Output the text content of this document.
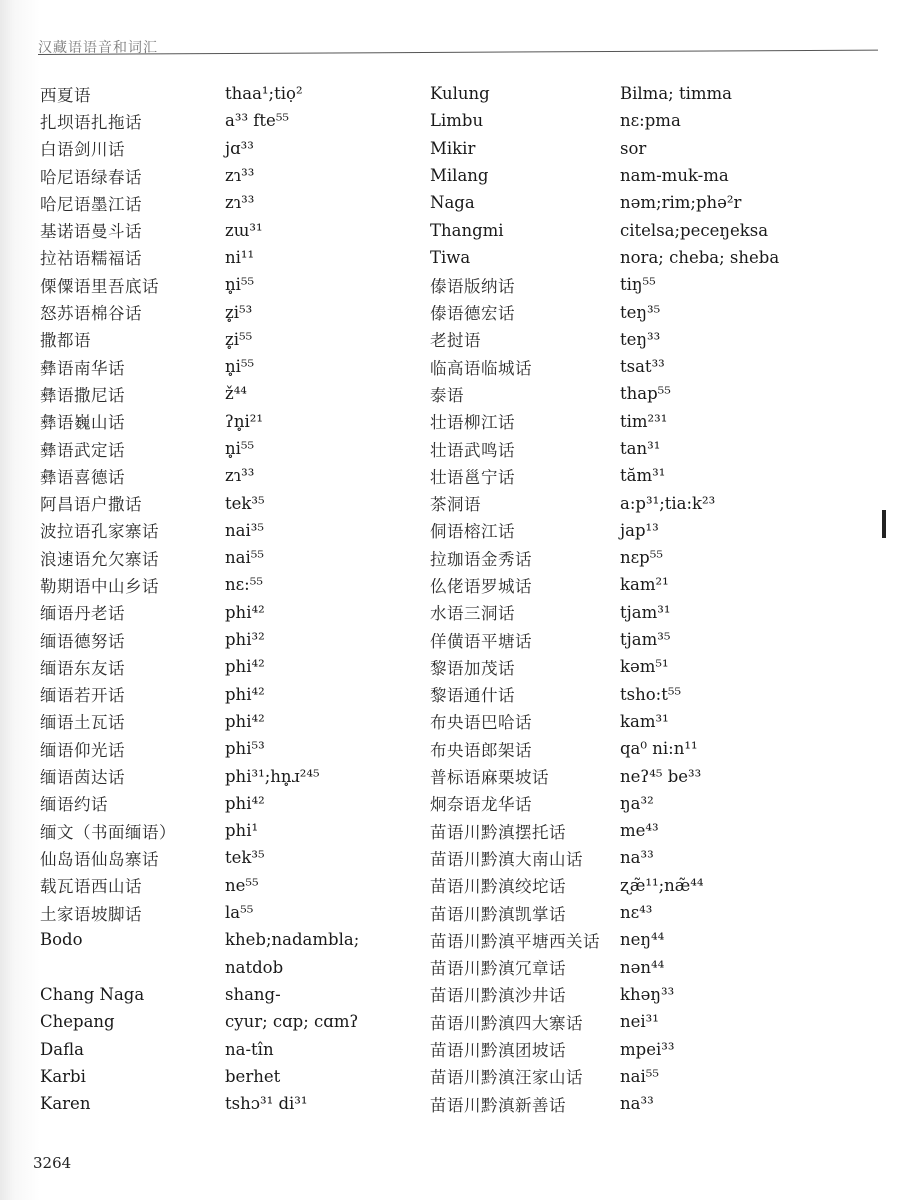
汉藏语语音和词汇
西夏语	thaa¹;tiọ²
扎坝语扎拖话	a³³ fte⁵⁵
白语剑川话	jɑ³³
哈尼语绿春话	zɿ³³
哈尼语墨江话	zɿ³³
基诺语曼斗话	zɯ³¹
拉祜语糯福话	ni¹¹
傈僳语里吾底话	n̥i⁵⁵
怒苏语棉谷话	z̥i⁵³
撒都语	z̥i⁵⁵
彝语南华话	n̥i⁵⁵
彝语撒尼话	ž⁴⁴
彝语巍山话	ʔn̥i²¹
彝语武定话	n̥i⁵⁵
彝语喜德话	zɿ³³
阿昌语户撒话	tek³⁵
波拉语孔家寨话	nai³⁵
浪速语允欠寨话	nai⁵⁵
勒期语中山乡话	nɛ:⁵⁵
缅语丹老话	phi⁴²
缅语德努话	phi³²
缅语东友话	phi⁴²
缅语若开话	phi⁴²
缅语土瓦话	phi⁴²
缅语仰光话	phi⁵³
缅语茵达话	phi³¹;hn̥ɹ²⁴⁵
缅语约话	phi⁴²
缅文（书面缅语）	phi¹
仙岛语仙岛寨话	tek³⁵
载瓦语西山话	ne⁵⁵
土家语坡脚话	la⁵⁵
Bodo	kheb;nadambla;
natdob
Chang Naga	shang-
Chepang	cyur; cɑp; cɑmʔ
Dafla	na-tîn
Karbi	berhet
Karen	tshɔ³¹ di³¹
Kulung	Bilma; timma
Limbu	nɛ:pma
Mikir	sor
Milang	nam-muk-ma
Naga	nəm;rim;phə²r
Thangmi	citelsa;peceŋeksa
Tiwa	nora; cheba; sheba
傣语版纳话	tiŋ⁵⁵
傣语德宏话	teŋ³⁵
老挝语	teŋ³³
临高语临城话	tsat³³
泰语	thap⁵⁵
壮语柳江话	tim²³¹
壮语武鸣话	tan³¹
壮语邕宁话	tăm³¹
茶洞语	a:p³¹;tia:k²³
侗语榕江话	jap¹³
拉珈语金秀话	nɛp⁵⁵
仫佬语罗城话	kam²¹
水语三洞话	tjam³¹
佯僙语平塘话	tjam³⁵
黎语加茂话	kəm⁵¹
黎语通什话	tsho:t⁵⁵
布央语巴哈话	kam³¹
布央语郎架话	qa⁰ ni:n¹¹
普标语麻栗坡话	neʔ⁴⁵ be³³
炯奈语龙华话	ŋa³²
苗语川黔滇摆托话	me⁴³
苗语川黔滇大南山话	na³³
苗语川黔滇绞坨话	ʐæ̃¹¹;næ̃⁴⁴
苗语川黔滇凯掌话	nɛ⁴³
苗语川黔滇平塘西关话	neŋ⁴⁴
苗语川黔滇冗章话	nən⁴⁴
苗语川黔滇沙井话	khəŋ³³
苗语川黔滇四大寨话	nei³¹
苗语川黔滇团坡话	mpei³³
苗语川黔滇汪家山话	nai⁵⁵
苗语川黔滇新善话	na³³
3264
